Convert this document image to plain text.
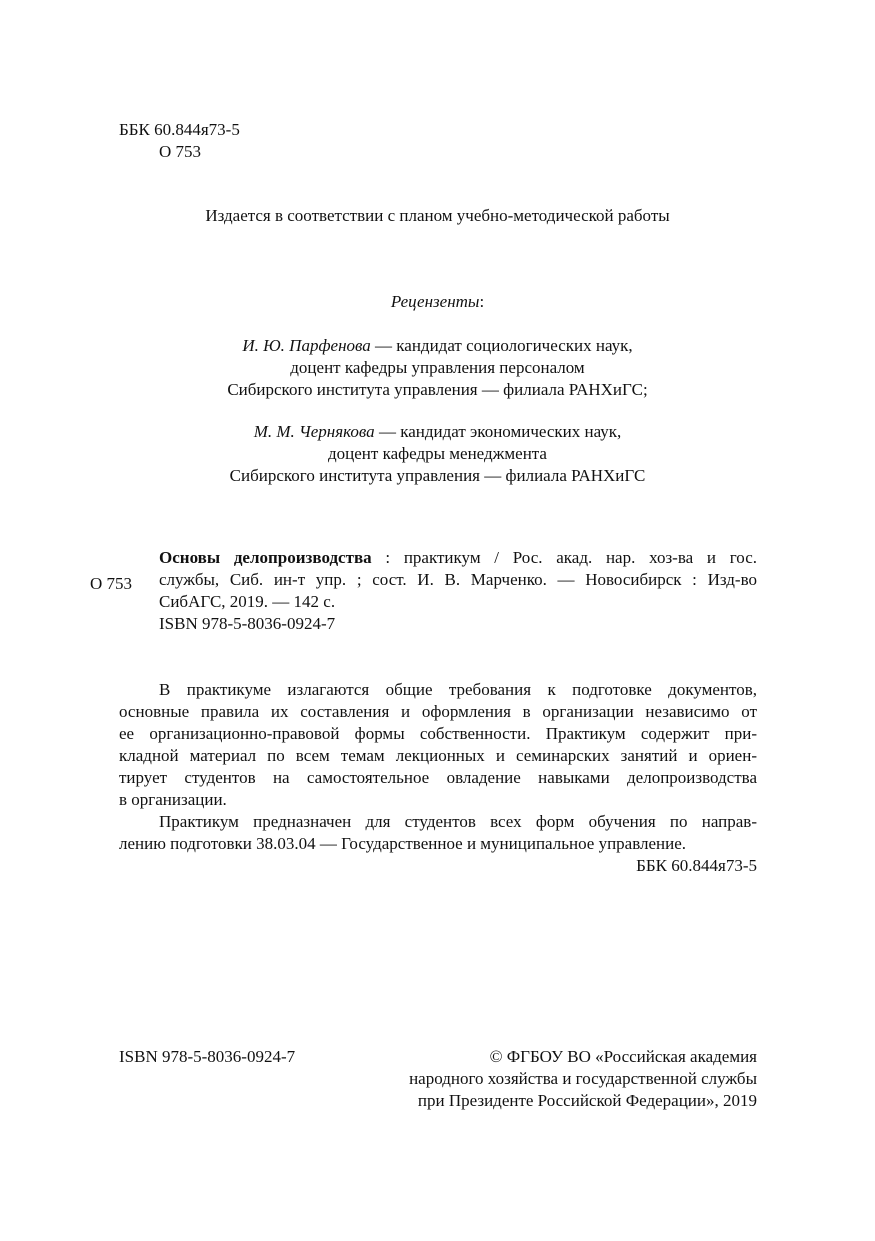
ББК 60.844я73-5
О 753
Издается в соответствии с планом учебно-методической работы
Рецензенты:
И. Ю. Парфенова — кандидат социологических наук,
доцент кафедры управления персоналом
Сибирского института управления — филиала РАНХиГС;
М. М. Чернякова — кандидат экономических наук,
доцент кафедры менеджмента
Сибирского института управления — филиала РАНХиГС
О 753
Основы делопроизводства : практикум / Рос. акад. нар. хоз-ва и гос.
службы, Сиб. ин-т упр. ; сост. И. В. Марченко. — Новосибирск : Изд-во
СибАГС, 2019. — 142 с.
ISBN 978-5-8036-0924-7
В практикуме излагаются общие требования к подготовке документов,
основные правила их составления и оформления в организации независимо от
ее организационно-правовой формы собственности. Практикум содержит при-
кладной материал по всем темам лекционных и семинарских занятий и ориен-
тирует студентов на самостоятельное овладение навыками делопроизводства
в организации.
Практикум предназначен для студентов всех форм обучения по направ-
лению подготовки 38.03.04 — Государственное и муниципальное управление.
ББК 60.844я73-5
ISBN 978-5-8036-0924-7	© ФГБОУ ВО «Российская академия
народного хозяйства и государственной службы
при Президенте Российской Федерации», 2019
